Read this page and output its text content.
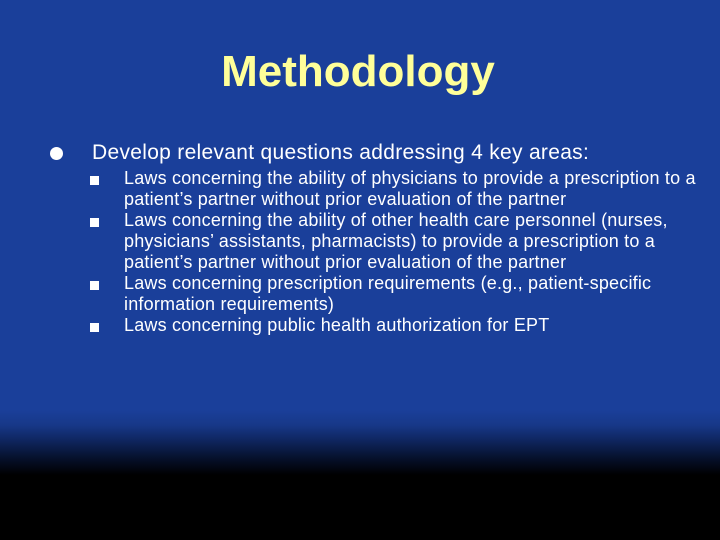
Methodology
Develop relevant questions addressing 4 key areas:
Laws concerning the ability of physicians to provide a prescription to a patient’s partner without prior evaluation of the partner
Laws concerning the ability of other health care personnel (nurses, physicians’ assistants, pharmacists) to provide a prescription to a patient’s partner without prior evaluation of the partner
Laws concerning prescription requirements (e.g., patient-specific information requirements)
Laws concerning public health authorization for EPT
